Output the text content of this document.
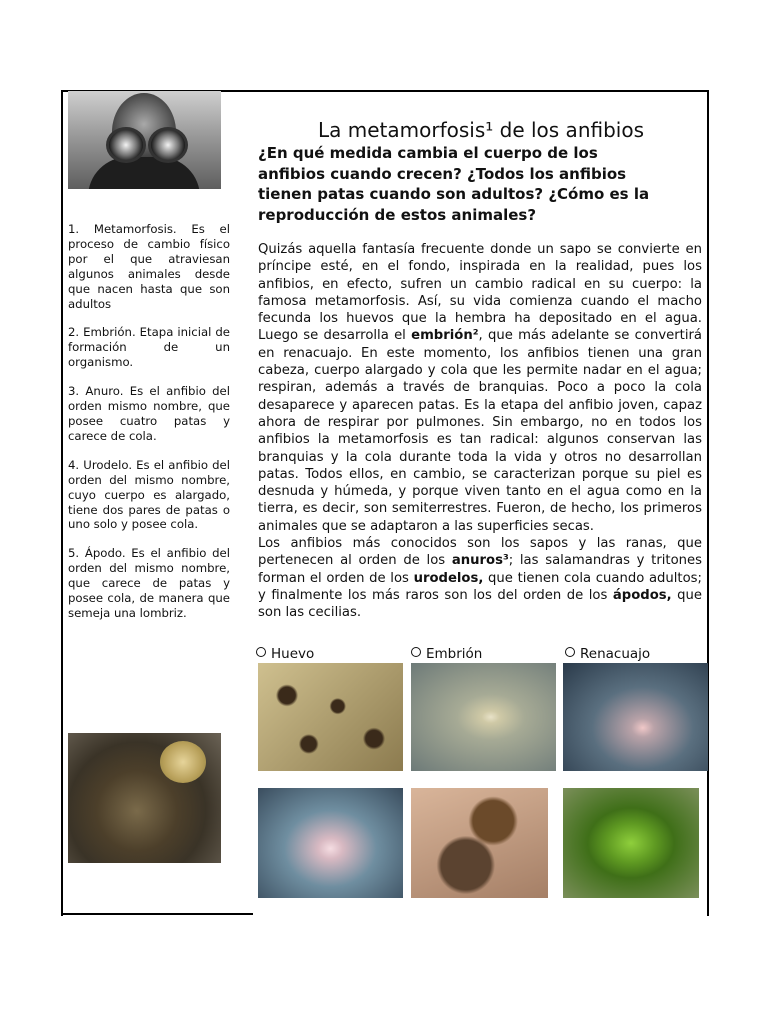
1. Metamorfosis. Es el proceso de cambio físico por el que atraviesan algunos animales desde que nacen hasta que son adultos

2. Embrión. Etapa inicial de formación de un organismo.

3. Anuro. Es el anfibio del orden mismo nombre, que posee cuatro patas y carece de cola.

4. Urodelo. Es el anfibio del orden del mismo nombre, cuyo cuerpo es alargado, tiene dos pares de patas o uno solo y posee cola.

5. Ápodo. Es el anfibio del orden del mismo nombre, que carece de patas y posee cola, de manera que semeja una lombriz.

La metamorfosis¹ de los anfibios
¿En qué medida cambia el cuerpo de los anfibios cuando crecen? ¿Todos los anfibios tienen patas cuando son adultos? ¿Cómo es la reproducción de estos animales?

Quizás aquella fantasía frecuente donde un sapo se convierte en príncipe esté, en el fondo, inspirada en la realidad, pues los anfibios, en efecto, sufren un cambio radical en su cuerpo: la famosa metamorfosis. Así, su vida comienza cuando el macho fecunda los huevos que la hembra ha depositado en el agua. Luego se desarrolla el embrión², que más adelante se convertirá en renacuajo. En este momento, los anfibios tienen una gran cabeza, cuerpo alargado y cola que les permite nadar en el agua; respiran, además a través de branquias. Poco a poco la cola desaparece y aparecen patas. Es la etapa del anfibio joven, capaz ahora de respirar por pulmones. Sin embargo, no en todos los anfibios la metamorfosis es tan radical: algunos conservan las branquias y la cola durante toda la vida y otros no desarrollan patas. Todos ellos, en cambio, se caracterizan porque su piel es desnuda y húmeda, y porque viven tanto en el agua como en la tierra, es decir, son semiterrestres. Fueron, de hecho, los primeros animales que se adaptaron a las superficies secas.

Los anfibios más conocidos son los sapos y las ranas, que pertenecen al orden de los anuros³; las salamandras y tritones forman el orden de los urodelos, que tienen cola cuando adultos; y finalmente los más raros son los del orden de los ápodos, que son las cecilias.

Huevo	Embrión	Renacuajo
